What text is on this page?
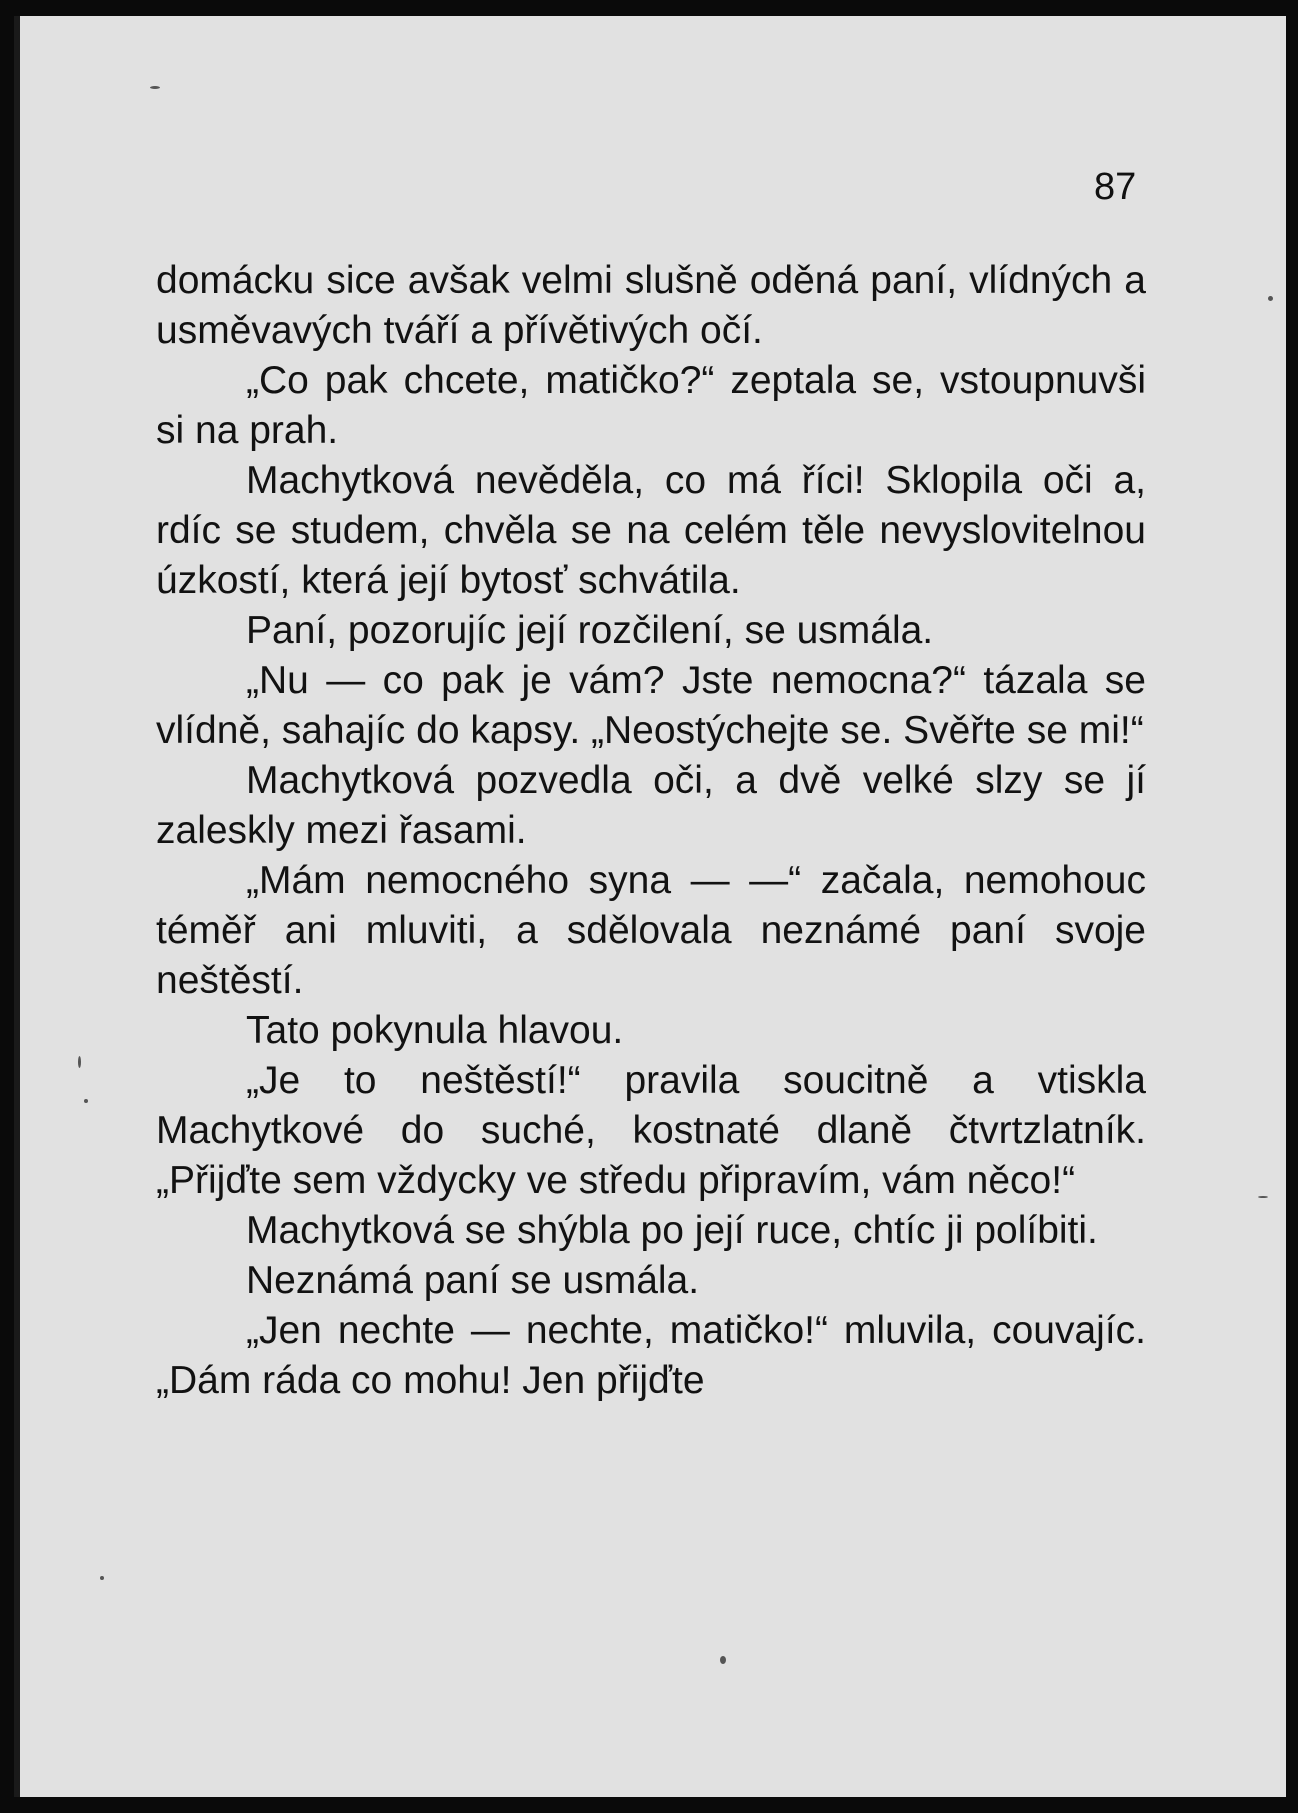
87

domácku sice avšak velmi slušně oděná paní, vlídných a usměvavých tváří a přívětivých očí.

„Co pak chcete, matičko?“ zeptala se, vstoupnuvši si na prah.

Machytková nevěděla, co má říci! Sklopila oči a, rdíc se studem, chvěla se na celém těle nevyslovitelnou úzkostí, která její bytosť schvátila.

Paní, pozorujíc její rozčilení, se usmála.

„Nu — co pak je vám? Jste nemocna?“ tázala se vlídně, sahajíc do kapsy. „Neostýchejte se. Svěřte se mi!“

Machytková pozvedla oči, a dvě velké slzy se jí zaleskly mezi řasami.

„Mám nemocného syna — —“ začala, nemohouc téměř ani mluviti, a sdělovala neznámé paní svoje neštěstí.

Tato pokynula hlavou.

„Je to neštěstí!“ pravila soucitně a vtiskla Machytkové do suché, kostnaté dlaně čtvrtzlatník. „Přijďte sem vždycky ve středu připravím, vám něco!“

Machytková se shýbla po její ruce, chtíc ji políbiti.

Neznámá paní se usmála.

„Jen nechte — nechte, matičko!“ mluvila, couvajíc. „Dám ráda co mohu! Jen přijďte
